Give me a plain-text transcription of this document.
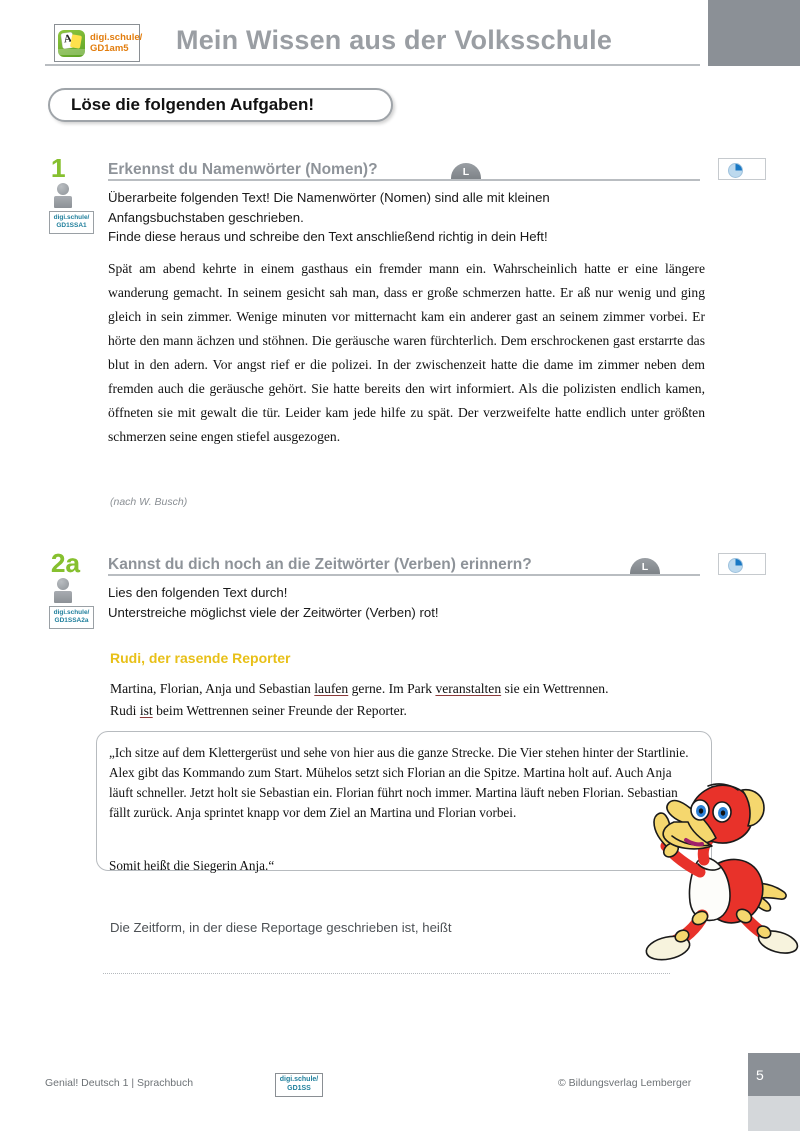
Mein Wissen aus der Volksschule
A
digi.schule/
GD1am5
Löse die folgenden Aufgaben!
1
digi.schule/
GD1SSA1
Erkennst du Namenwörter (Nomen)?	L
Überarbeite folgenden Text! Die Namenwörter (Nomen) sind alle mit kleinen
Anfangsbuchstaben geschrieben.
Finde diese heraus und schreibe den Text anschließend richtig in dein Heft!
Spät am abend kehrte in einem gasthaus ein fremder mann ein. Wahrscheinlich hatte er eine längere wanderung gemacht. In seinem gesicht sah man, dass er große schmerzen hatte. Er aß nur wenig und ging gleich in sein zimmer. Wenige minuten vor mitternacht kam ein anderer gast an seinem zimmer vorbei. Er hörte den mann ächzen und stöhnen. Die geräusche waren fürchterlich. Dem erschrockenen gast erstarrte das blut in den adern. Vor angst rief er die polizei. In der zwischenzeit hatte die dame im zimmer neben dem fremden auch die geräusche gehört. Sie hatte bereits den wirt informiert. Als die polizisten endlich kamen, öffneten sie mit gewalt die tür. Leider kam jede hilfe zu spät. Der verzweifelte hatte endlich unter größten schmerzen seine engen stiefel ausgezogen.
(nach W. Busch)
2a
digi.schule/
GD1SSA2a
Kannst du dich noch an die Zeitwörter (Verben) erinnern?	L
Lies den folgenden Text durch!
Unterstreiche möglichst viele der Zeitwörter (Verben) rot!
Rudi, der rasende Reporter
Martina, Florian, Anja und Sebastian laufen gerne. Im Park veranstalten sie ein Wettrennen.
Rudi ist beim Wettrennen seiner Freunde der Reporter.
„Ich sitze auf dem Klettergerüst und sehe von hier aus die ganze Strecke. Die Vier stehen hinter der Startlinie. Alex gibt das Kommando zum Start. Mühelos setzt sich Florian an die Spitze. Martina holt auf. Auch Anja läuft schneller. Jetzt holt sie Sebastian ein. Florian führt noch immer. Martina läuft neben Florian. Sebastian fällt zurück. Anja sprintet knapp vor dem Ziel an Martina und Florian vorbei.
Somit heißt die Siegerin Anja.“
Die Zeitform, in der diese Reportage geschrieben ist, heißt
Genial! Deutsch 1 | Sprachbuch	digi.schule/
GD1SS	© Bildungsverlag Lemberger	5
